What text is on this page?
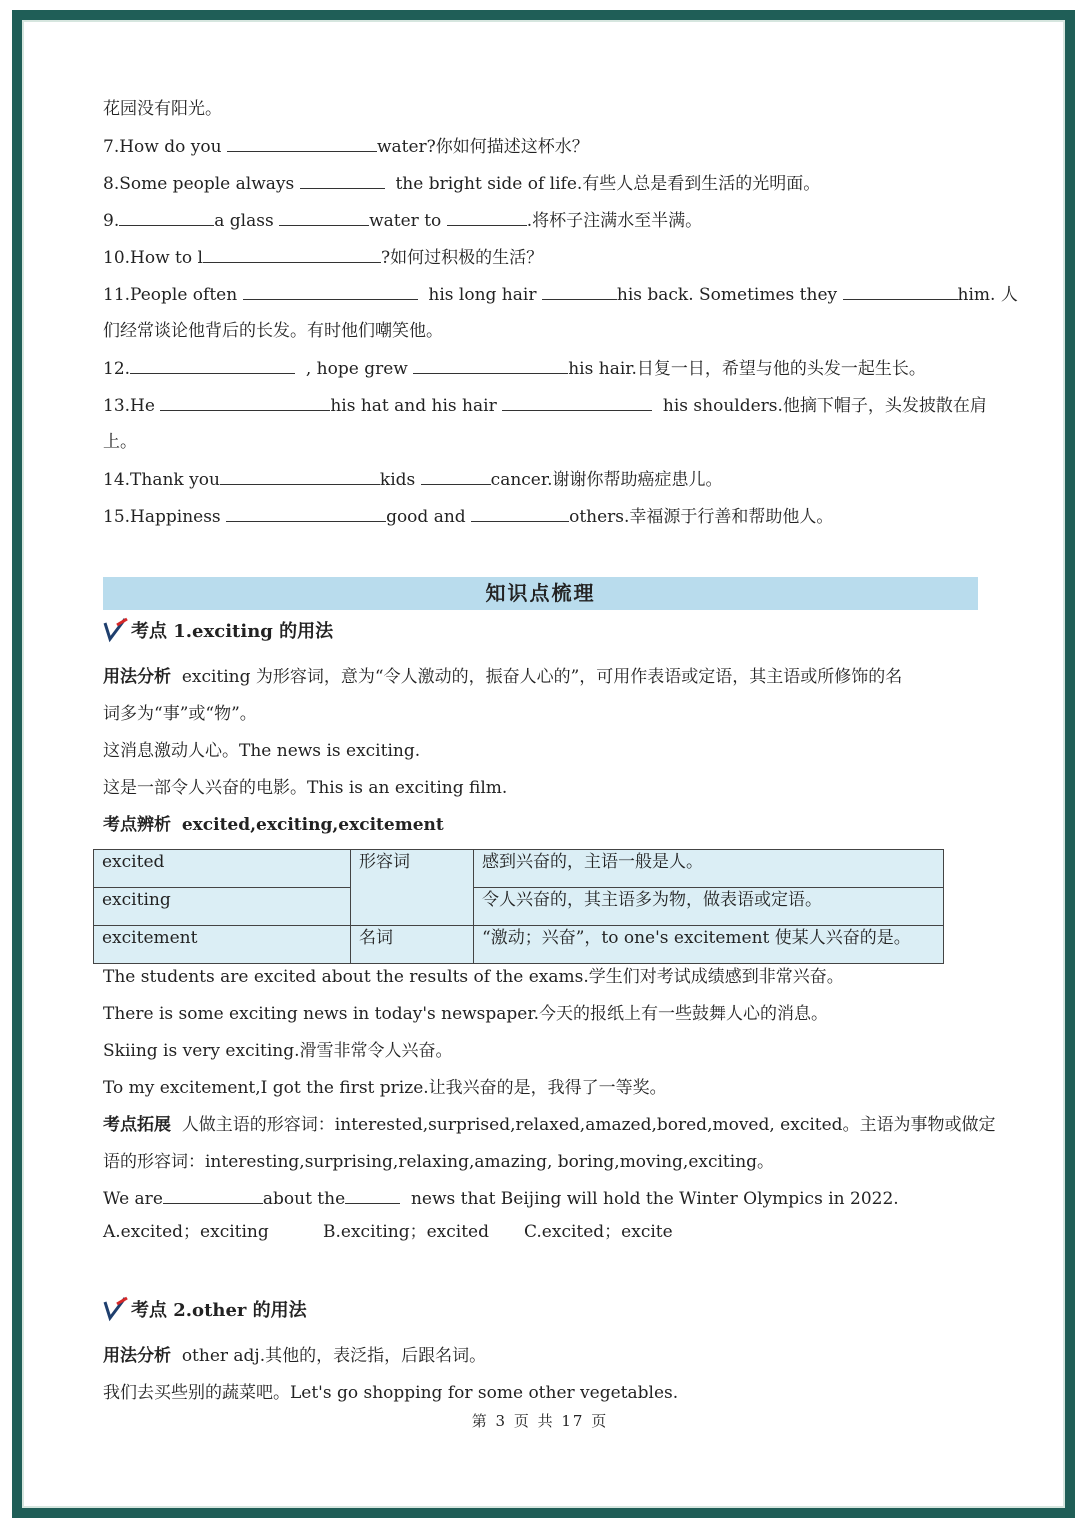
花园没有阳光。
7.How do you	water?你如何描述这杯水？
8.Some people always	the bright side of life.有些人总是看到生活的光明面。
9.	a glass	water to	.将杯子注满水至半满。
10.How to l	?如何过积极的生活？
11.People often	his long hair	his back. Sometimes they	him. 人
们经常谈论他背后的长发。有时他们嘲笑他。
12.	, hope grew	his hair.日复一日，希望与他的头发一起生长。
13.He	his hat and his hair	his shoulders.他摘下帽子，头发披散在肩
上。
14.Thank you	kids	cancer.谢谢你帮助癌症患儿。
15.Happiness	good and	others.幸福源于行善和帮助他人。
知识点梳理
考点 1.exciting 的用法
用法分析 exciting 为形容词，意为“令人激动的，振奋人心的”，可用作表语或定语，其主语或所修饰的名
词多为“事”或“物”。
这消息激动人心。The news is exciting.
这是一部令人兴奋的电影。This is an exciting film.
考点辨析 excited,exciting,excitement
excited	形容词	感到兴奋的，主语一般是人。
exciting		令人兴奋的，其主语多为物，做表语或定语。
excitement	名词	“激动；兴奋”，to one's excitement 使某人兴奋的是。
The students are excited about the results of the exams.学生们对考试成绩感到非常兴奋。
There is some exciting news in today's newspaper.今天的报纸上有一些鼓舞人心的消息。
Skiing is very exciting.滑雪非常令人兴奋。
To my excitement,I got the first prize.让我兴奋的是，我得了一等奖。
考点拓展 人做主语的形容词：interested,surprised,relaxed,amazed,bored,moved, excited。主语为事物或做定
语的形容词：interesting,surprising,relaxing,amazing, boring,moving,exciting。
We are	about the	news that Beijing will hold the Winter Olympics in 2022.
A.excited；exciting	B.exciting；excited C.excited；excite
考点 2.other 的用法
用法分析 other adj.其他的，表泛指，后跟名词。
我们去买些别的蔬菜吧。Let's go shopping for some other vegetables.
第 3 页 共 17 页
